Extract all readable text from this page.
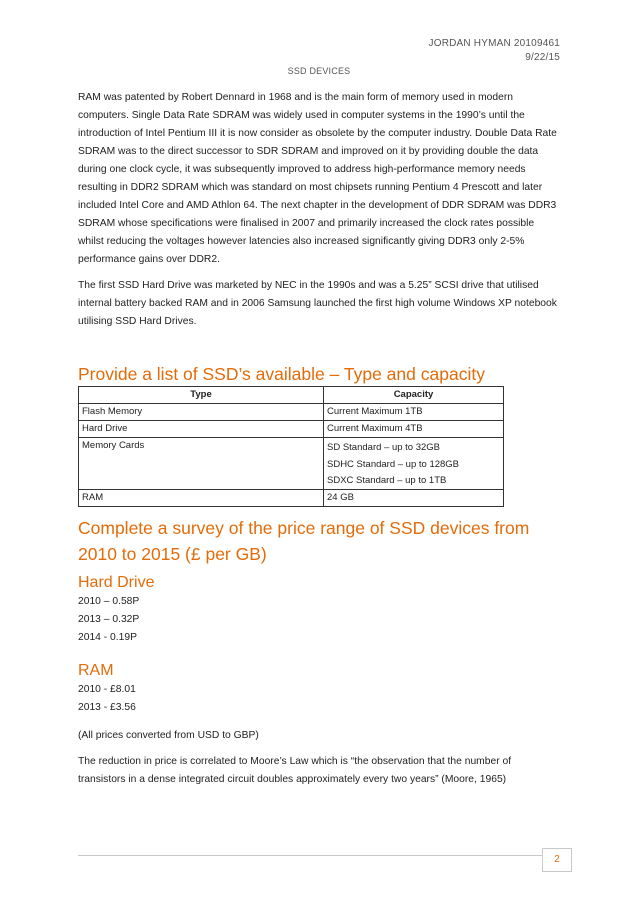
JORDAN HYMAN 20109461
9/22/15
SSD DEVICES

RAM was patented by Robert Dennard in 1968 and is the main form of memory used in modern computers. Single Data Rate SDRAM was widely used in computer systems in the 1990’s until the introduction of Intel Pentium III it is now consider as obsolete by the computer industry. Double Data Rate SDRAM was to the direct successor to SDR SDRAM and improved on it by providing double the data during one clock cycle, it was subsequently improved to address high-performance memory needs resulting in DDR2 SDRAM which was standard on most chipsets running Pentium 4 Prescott and later included Intel Core and AMD Athlon 64. The next chapter in the development of DDR SDRAM was DDR3 SDRAM whose specifications were finalised in 2007 and primarily increased the clock rates possible whilst reducing the voltages however latencies also increased significantly giving DDR3 only 2-5% performance gains over DDR2.

The first SSD Hard Drive was marketed by NEC in the 1990s and was a 5.25” SCSI drive that utilised internal battery backed RAM and in 2006 Samsung launched the first high volume Windows XP notebook utilising SSD Hard Drives.

Provide a list of SSD’s available – Type and capacity
Type	Capacity
Flash Memory	Current Maximum 1TB
Hard Drive	Current Maximum 4TB
Memory Cards	SD Standard – up to 32GB
SDHC Standard – up to 128GB
SDXC Standard – up to 1TB

RAM	24 GB
Complete a survey of the price range of SSD devices from 2010 to 2015 (£ per GB)
Hard Drive
2010 – 0.58P
2013 – 0.32P
2014 - 0.19P
RAM
2010 - £8.01
2013 - £3.56

(All prices converted from USD to GBP)

The reduction in price is correlated to Moore’s Law which is “the observation that the number of transistors in a dense integrated circuit doubles approximately every two years” (Moore, 1965)

2
